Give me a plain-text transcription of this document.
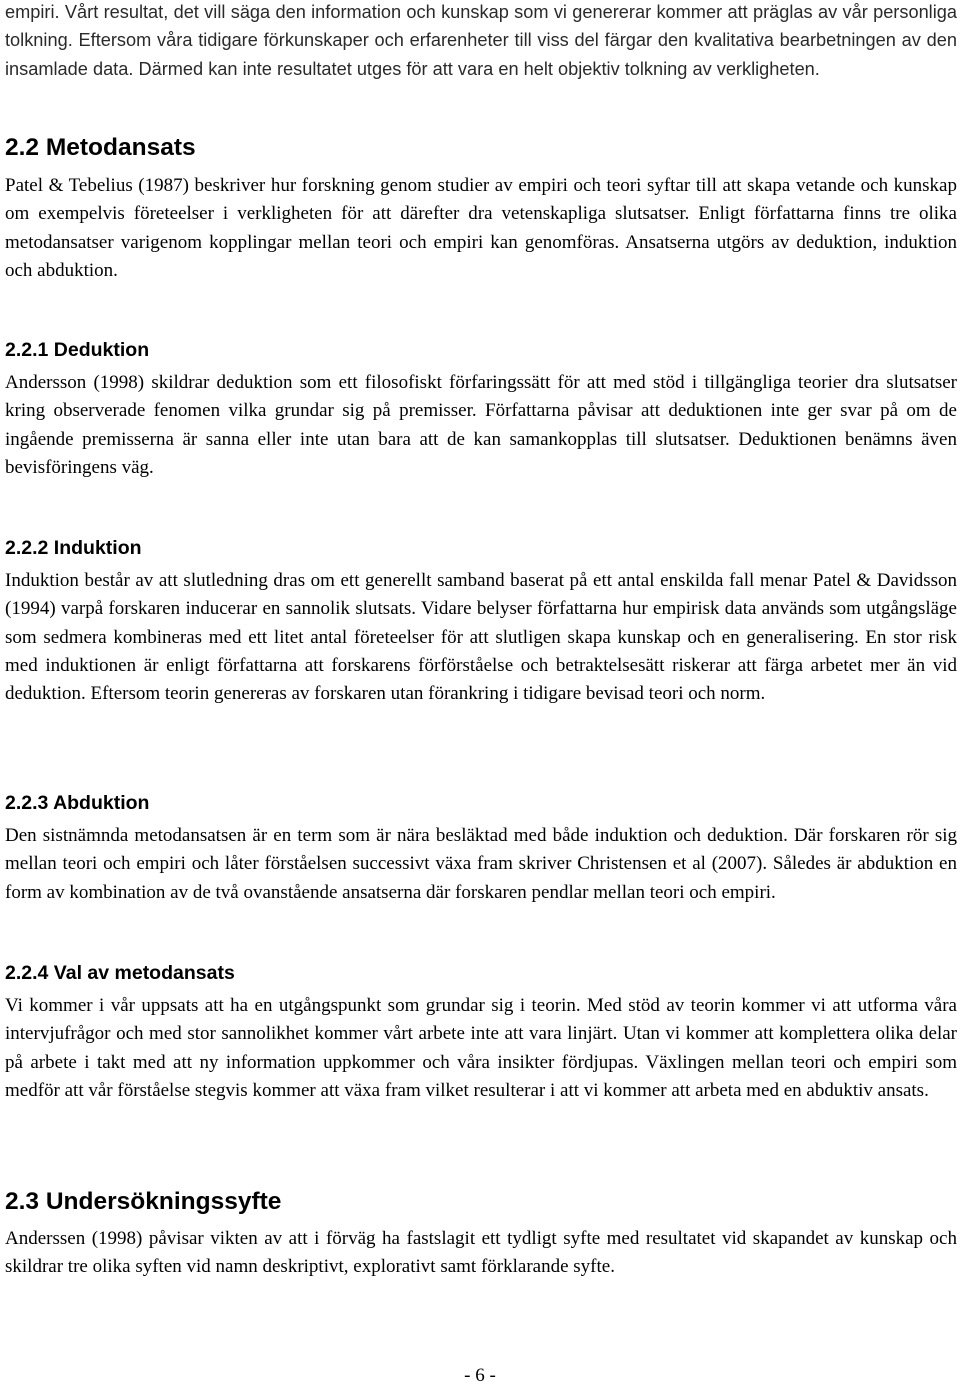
empiri. Vårt resultat, det vill säga den information och kunskap som vi genererar kommer att präglas av vår personliga tolkning. Eftersom våra tidigare förkunskaper och erfarenheter till viss del färgar den kvalitativa bearbetningen av den insamlade data. Därmed kan inte resultatet utges för att vara en helt objektiv tolkning av verkligheten.

2.2 Metodansats

Patel & Tebelius (1987) beskriver hur forskning genom studier av empiri och teori syftar till att skapa vetande och kunskap om exempelvis företeelser i verkligheten för att därefter dra vetenskapliga slutsatser. Enligt författarna finns tre olika metodansatser varigenom kopplingar mellan teori och empiri kan genomföras. Ansatserna utgörs av deduktion, induktion och abduktion.

2.2.1 Deduktion

Andersson (1998) skildrar deduktion som ett filosofiskt förfaringssätt för att med stöd i tillgängliga teorier dra slutsatser kring observerade fenomen vilka grundar sig på premisser. Författarna påvisar att deduktionen inte ger svar på om de ingående premisserna är sanna eller inte utan bara att de kan samankopplas till slutsatser. Deduktionen benämns även bevisföringens väg.

2.2.2 Induktion

Induktion består av att slutledning dras om ett generellt samband baserat på ett antal enskilda fall menar Patel & Davidsson (1994) varpå forskaren inducerar en sannolik slutsats. Vidare belyser författarna hur empirisk data används som utgångsläge som sedmera kombineras med ett litet antal företeelser för att slutligen skapa kunskap och en generalisering. En stor risk med induktionen är enligt författarna att forskarens förförståelse och betraktelsesätt riskerar att färga arbetet mer än vid deduktion. Eftersom teorin genereras av forskaren utan förankring i tidigare bevisad teori och norm.

2.2.3 Abduktion

Den sistnämnda metodansatsen är en term som är nära besläktad med både induktion och deduktion. Där forskaren rör sig mellan teori och empiri och låter förståelsen successivt växa fram skriver Christensen et al (2007). Således är abduktion en form av kombination av de två ovanstående ansatserna där forskaren pendlar mellan teori och empiri.

2.2.4 Val av metodansats

Vi kommer i vår uppsats att ha en utgångspunkt som grundar sig i teorin. Med stöd av teorin kommer vi att utforma våra intervjufrågor och med stor sannolikhet kommer vårt arbete inte att vara linjärt. Utan vi kommer att komplettera olika delar på arbete i takt med att ny information uppkommer och våra insikter fördjupas. Växlingen mellan teori och empiri som medför att vår förståelse stegvis kommer att växa fram vilket resulterar i att vi kommer att arbeta med en abduktiv ansats.

2.3 Undersökningssyfte

Anderssen (1998) påvisar vikten av att i förväg ha fastslagit ett tydligt syfte med resultatet vid skapandet av kunskap och skildrar tre olika syften vid namn deskriptivt, explorativt samt förklarande syfte.

- 6 -
